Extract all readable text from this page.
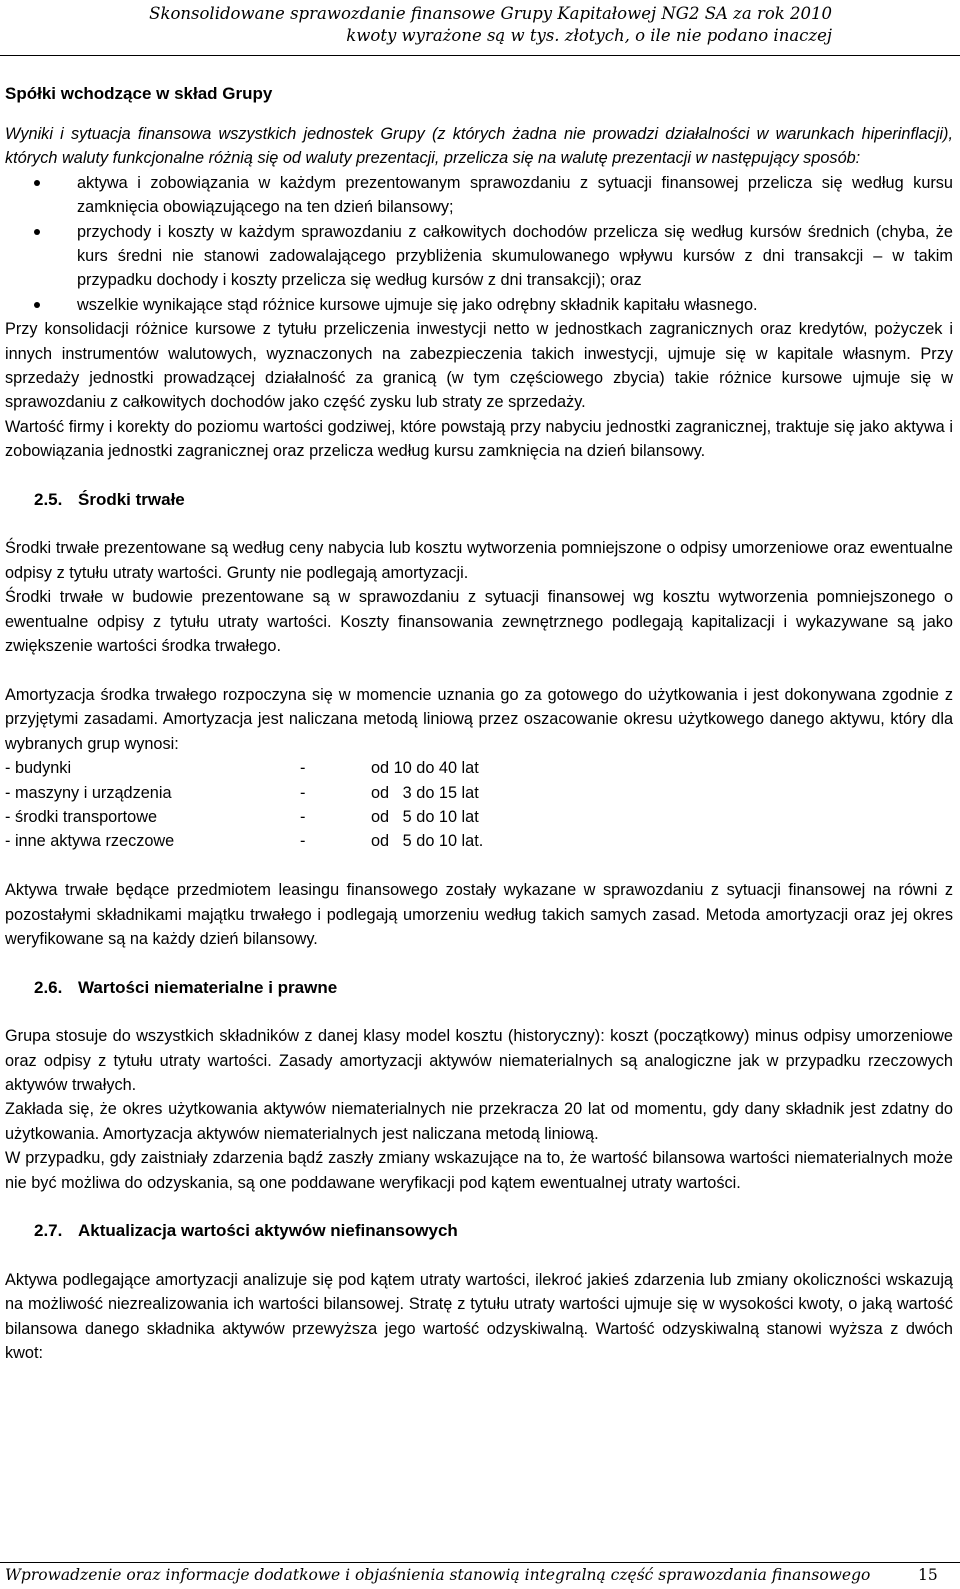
Skonsolidowane sprawozdanie finansowe Grupy Kapitałowej NG2 SA za rok 2010
kwoty wyrażone są w tys. złotych, o ile nie podano inaczej
Spółki wchodzące w skład Grupy

Wyniki i sytuacja finansowa wszystkich jednostek Grupy (z których żadna nie prowadzi działalności w warunkach hiperinflacji), których waluty funkcjonalne różnią się od waluty prezentacji, przelicza się na walutę prezentacji w następujący sposób:

aktywa i zobowiązania w każdym prezentowanym sprawozdaniu z sytuacji finansowej przelicza się według kursu zamknięcia obowiązującego na ten dzień bilansowy;
przychody i koszty w każdym sprawozdaniu z całkowitych dochodów przelicza się według kursów średnich (chyba, że kurs średni nie stanowi zadowalającego przybliżenia skumulowanego wpływu kursów z dni transakcji – w takim przypadku dochody i koszty przelicza się według kursów z dni transakcji); oraz
wszelkie wynikające stąd różnice kursowe ujmuje się jako odrębny składnik kapitału własnego.

Przy konsolidacji różnice kursowe z tytułu przeliczenia inwestycji netto w jednostkach zagranicznych oraz kredytów, pożyczek i innych instrumentów walutowych, wyznaczonych na zabezpieczenia takich inwestycji, ujmuje się w kapitale własnym. Przy sprzedaży jednostki prowadzącej działalność za granicą (w tym częściowego zbycia) takie różnice kursowe ujmuje się w sprawozdaniu z całkowitych dochodów jako część zysku lub straty ze sprzedaży.

Wartość firmy i korekty do poziomu wartości godziwej, które powstają przy nabyciu jednostki zagranicznej, traktuje się jako aktywa i zobowiązania jednostki zagranicznej oraz przelicza według kursu zamknięcia na dzień bilansowy.

2.5. Środki trwałe

Środki trwałe prezentowane są według ceny nabycia lub kosztu wytworzenia pomniejszone o odpisy umorzeniowe oraz ewentualne odpisy z tytułu utraty wartości. Grunty nie podlegają amortyzacji.

Środki trwałe w budowie prezentowane są w sprawozdaniu z sytuacji finansowej wg kosztu wytworzenia pomniejszonego o ewentualne odpisy z tytułu utraty wartości. Koszty finansowania zewnętrznego podlegają kapitalizacji i wykazywane są jako zwiększenie wartości środka trwałego.

Amortyzacja środka trwałego rozpoczyna się w momencie uznania go za gotowego do użytkowania i jest dokonywana zgodnie z przyjętymi zasadami. Amortyzacja jest naliczana metodą liniową przez oszacowanie okresu użytkowego danego aktywu, który dla wybranych grup wynosi:

- budynki	-	od 10 do 40 lat
- maszyny i urządzenia	-	od   3 do 15 lat
- środki transportowe	-	od   5 do 10 lat
- inne aktywa rzeczowe	-	od   5 do 10 lat.

Aktywa trwałe będące przedmiotem leasingu finansowego zostały wykazane w sprawozdaniu z sytuacji finansowej na równi z pozostałymi składnikami majątku trwałego i podlegają umorzeniu według takich samych zasad. Metoda amortyzacji oraz jej okres weryfikowane są na każdy dzień bilansowy.

2.6. Wartości niematerialne i prawne

Grupa stosuje do wszystkich składników z danej klasy model kosztu (historyczny): koszt (początkowy) minus odpisy umorzeniowe oraz odpisy z tytułu utraty wartości. Zasady amortyzacji aktywów niematerialnych są analogiczne jak w przypadku rzeczowych aktywów trwałych.

Zakłada się, że okres użytkowania aktywów niematerialnych nie przekracza 20 lat od momentu, gdy dany składnik jest zdatny do użytkowania. Amortyzacja aktywów niematerialnych jest naliczana metodą liniową.

W przypadku, gdy zaistniały zdarzenia bądź zaszły zmiany wskazujące na to, że wartość bilansowa wartości niematerialnych może nie być możliwa do odzyskania, są one poddawane weryfikacji pod kątem ewentualnej utraty wartości.

2.7. Aktualizacja wartości aktywów niefinansowych

Aktywa podlegające amortyzacji analizuje się pod kątem utraty wartości, ilekroć jakieś zdarzenia lub zmiany okoliczności wskazują na możliwość niezrealizowania ich wartości bilansowej. Stratę z tytułu utraty wartości ujmuje się w wysokości kwoty, o jaką wartość bilansowa danego składnika aktywów przewyższa jego wartość odzyskiwalną. Wartość odzyskiwalną stanowi wyższa z dwóch kwot:

Wprowadzenie oraz informacje dodatkowe i objaśnienia stanowią integralną część sprawozdania finansowego	15
